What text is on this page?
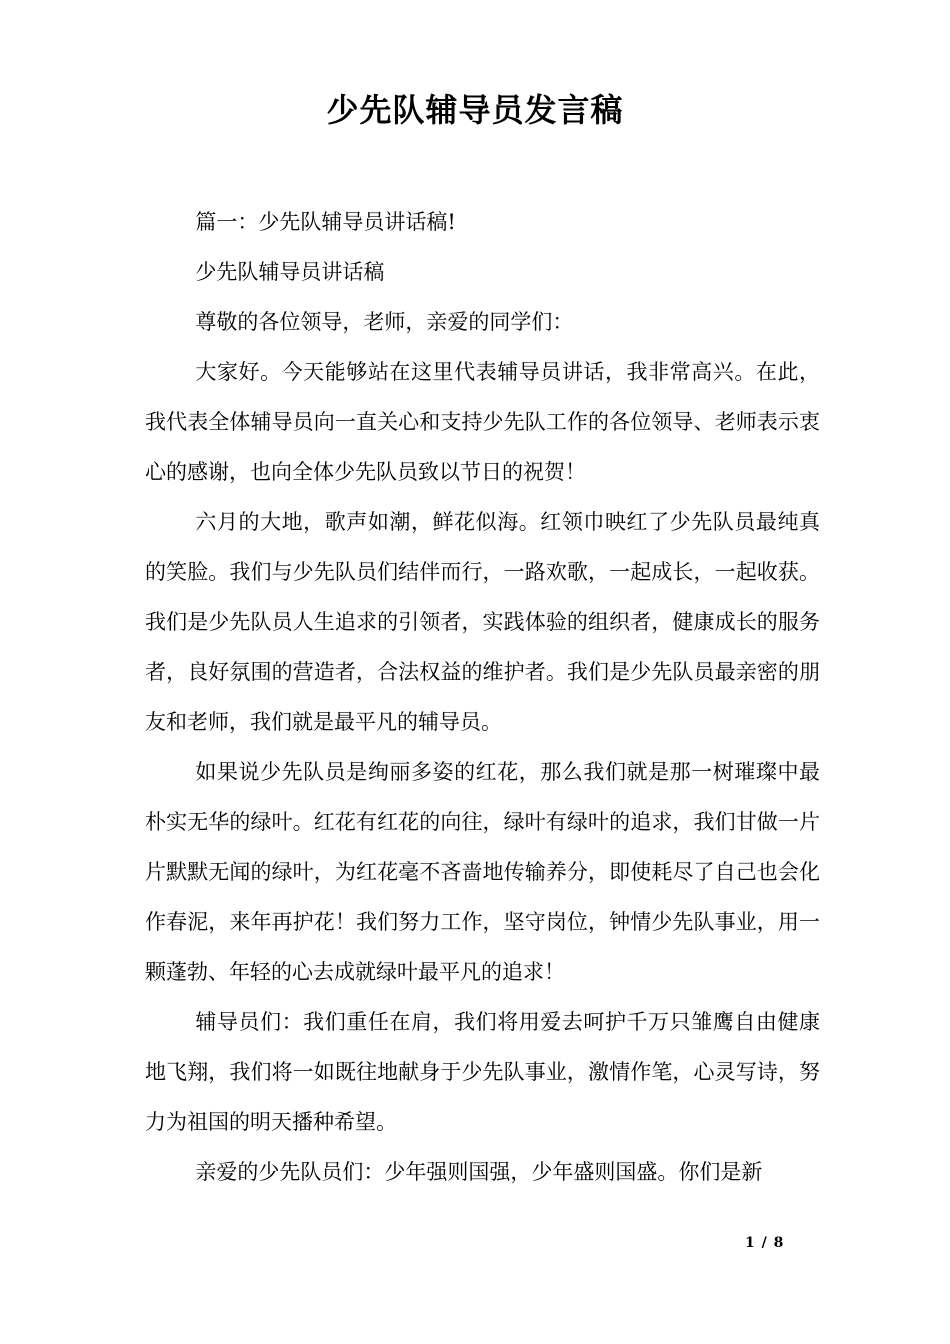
少先队辅导员发言稿

篇一：少先队辅导员讲话稿!

少先队辅导员讲话稿

尊敬的各位领导，老师，亲爱的同学们：

大家好。今天能够站在这里代表辅导员讲话，我非常高兴。在此，我代表全体辅导员向一直关心和支持少先队工作的各位领导、老师表示衷心的感谢，也向全体少先队员致以节日的祝贺！

六月的大地，歌声如潮，鲜花似海。红领巾映红了少先队员最纯真的笑脸。我们与少先队员们结伴而行，一路欢歌，一起成长，一起收获。我们是少先队员人生追求的引领者，实践体验的组织者，健康成长的服务者，良好氛围的营造者，合法权益的维护者。我们是少先队员最亲密的朋友和老师，我们就是最平凡的辅导员。

如果说少先队员是绚丽多姿的红花，那么我们就是那一树璀璨中最朴实无华的绿叶。红花有红花的向往，绿叶有绿叶的追求，我们甘做一片片默默无闻的绿叶，为红花毫不吝啬地传输养分，即使耗尽了自己也会化作春泥，来年再护花！我们努力工作，坚守岗位，钟情少先队事业，用一颗蓬勃、年轻的心去成就绿叶最平凡的追求！

辅导员们：我们重任在肩，我们将用爱去呵护千万只雏鹰自由健康地飞翔，我们将一如既往地献身于少先队事业，激情作笔，心灵写诗，努力为祖国的明天播种希望。

亲爱的少先队员们：少年强则国强，少年盛则国盛。你们是新

1 / 8
